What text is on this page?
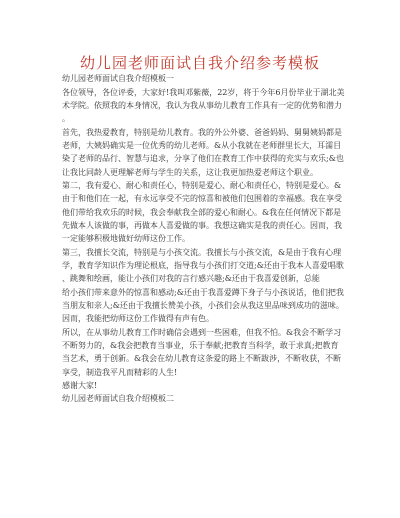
幼儿园老师面试自我介绍参考模板
幼儿园老师面试自我介绍模板一
各位领导，各位评委，大家好!我叫邓紫薇，22岁，将于今年6月份毕业于湖北美
术学院。依照我的本身情况，我认为我从事幼儿教育工作具有一定的优势和潜力
。
首先，我热爱教育，特别是幼儿教育。我的外公外婆、爸爸妈妈、舅舅姨妈都是
老师，大姨妈确实是一位优秀的幼儿老师。&从小我就在老师群里长大，耳濡目
染了老师的品行、智慧与追求，分享了他们在教育工作中获得的充实与欢乐;&也
让我比同龄人更理解老师与学生的关系，这让我更加热爱老师这个职业。
第二，我有爱心、耐心和责任心，特别是爱心、耐心和责任心，特别是爱心。&
由于和他们在一起，有永远享受不完的惊喜和被他们包围着的幸福感。我在享受
他们带给我欢乐的时候，我会奉献我全部的爱心和耐心。&我在任何情况下都是
先做本人该做的事，再做本人喜爱做的事。我想这确实是我的责任心。因而，我
一定能够积极地做好幼师这份工作。
第三，我擅长交流，特别是与小孩交流。我擅长与小孩交流，&是由于我有心理
学，教育学知识作为理论根底，指导我与小孩们打交道;&还由于我本人喜爱唱歌
、跳舞和绘画，能让小孩们对我的言行感兴趣;&还由于我喜爱创新，总能
给小孩们带来意外的惊喜和感动;&还由于我喜爱蹲下身子与小孩说话，他们把我
当朋友和亲人;&还由于我擅长赞美小孩，小孩们会从我这里品味到成功的滋味。
因而，我能把幼师这份工作做得有声有色。
所以，在从事幼儿教育工作时确信会遇到一些困难，但我不怕。&我会不断学习
不断努力的，&我会把教育当事业，乐于奉献;把教育当科学，敢于求真;把教育
当艺术，勇于创新。&我会在幼儿教育这条爱的路上不断跋涉，不断收获，不断
享受，制造我平凡而精彩的人生!
感谢大家!
幼儿园老师面试自我介绍模板二
